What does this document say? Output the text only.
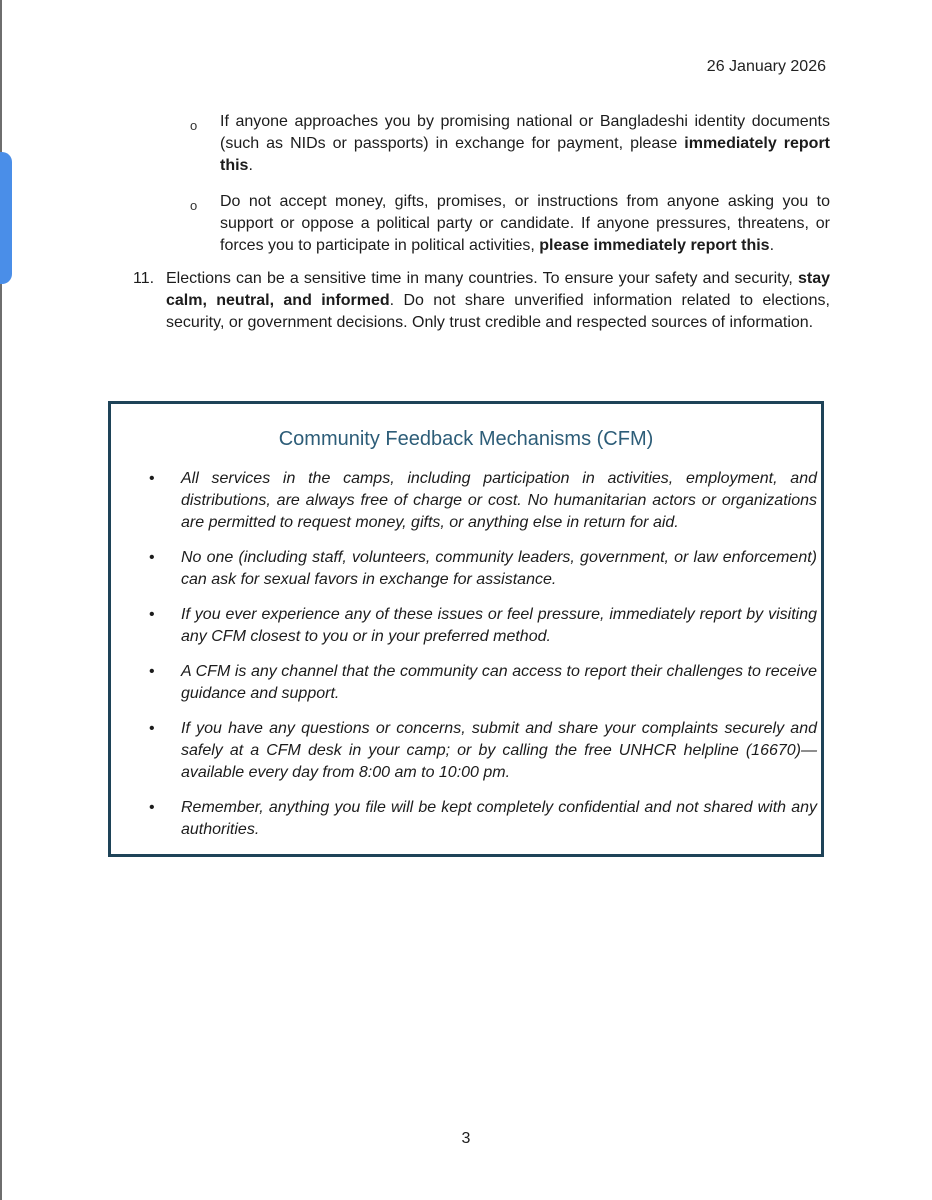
26 January 2026
o	If anyone approaches you by promising national or Bangladeshi identity documents (such as NIDs or passports) in exchange for payment, please immediately report this.
o	Do not accept money, gifts, promises, or instructions from anyone asking you to support or oppose a political party or candidate. If anyone pressures, threatens, or forces you to participate in political activities, please immediately report this.
11. Elections can be a sensitive time in many countries. To ensure your safety and security, stay calm, neutral, and informed. Do not share unverified information related to elections, security, or government decisions. Only trust credible and respected sources of information.
Community Feedback Mechanisms (CFM)
•	All services in the camps, including participation in activities, employment, and distributions, are always free of charge or cost. No humanitarian actors or organizations are permitted to request money, gifts, or anything else in return for aid.
•	No one (including staff, volunteers, community leaders, government, or law enforcement) can ask for sexual favors in exchange for assistance.
•	If you ever experience any of these issues or feel pressure, immediately report by visiting any CFM closest to you or in your preferred method.
•	A CFM is any channel that the community can access to report their challenges to receive guidance and support.
•	If you have any questions or concerns, submit and share your complaints securely and safely at a CFM desk in your camp; or by calling the free UNHCR helpline (16670)—available every day from 8:00 am to 10:00 pm.
•	Remember, anything you file will be kept completely confidential and not shared with any authorities.
3
